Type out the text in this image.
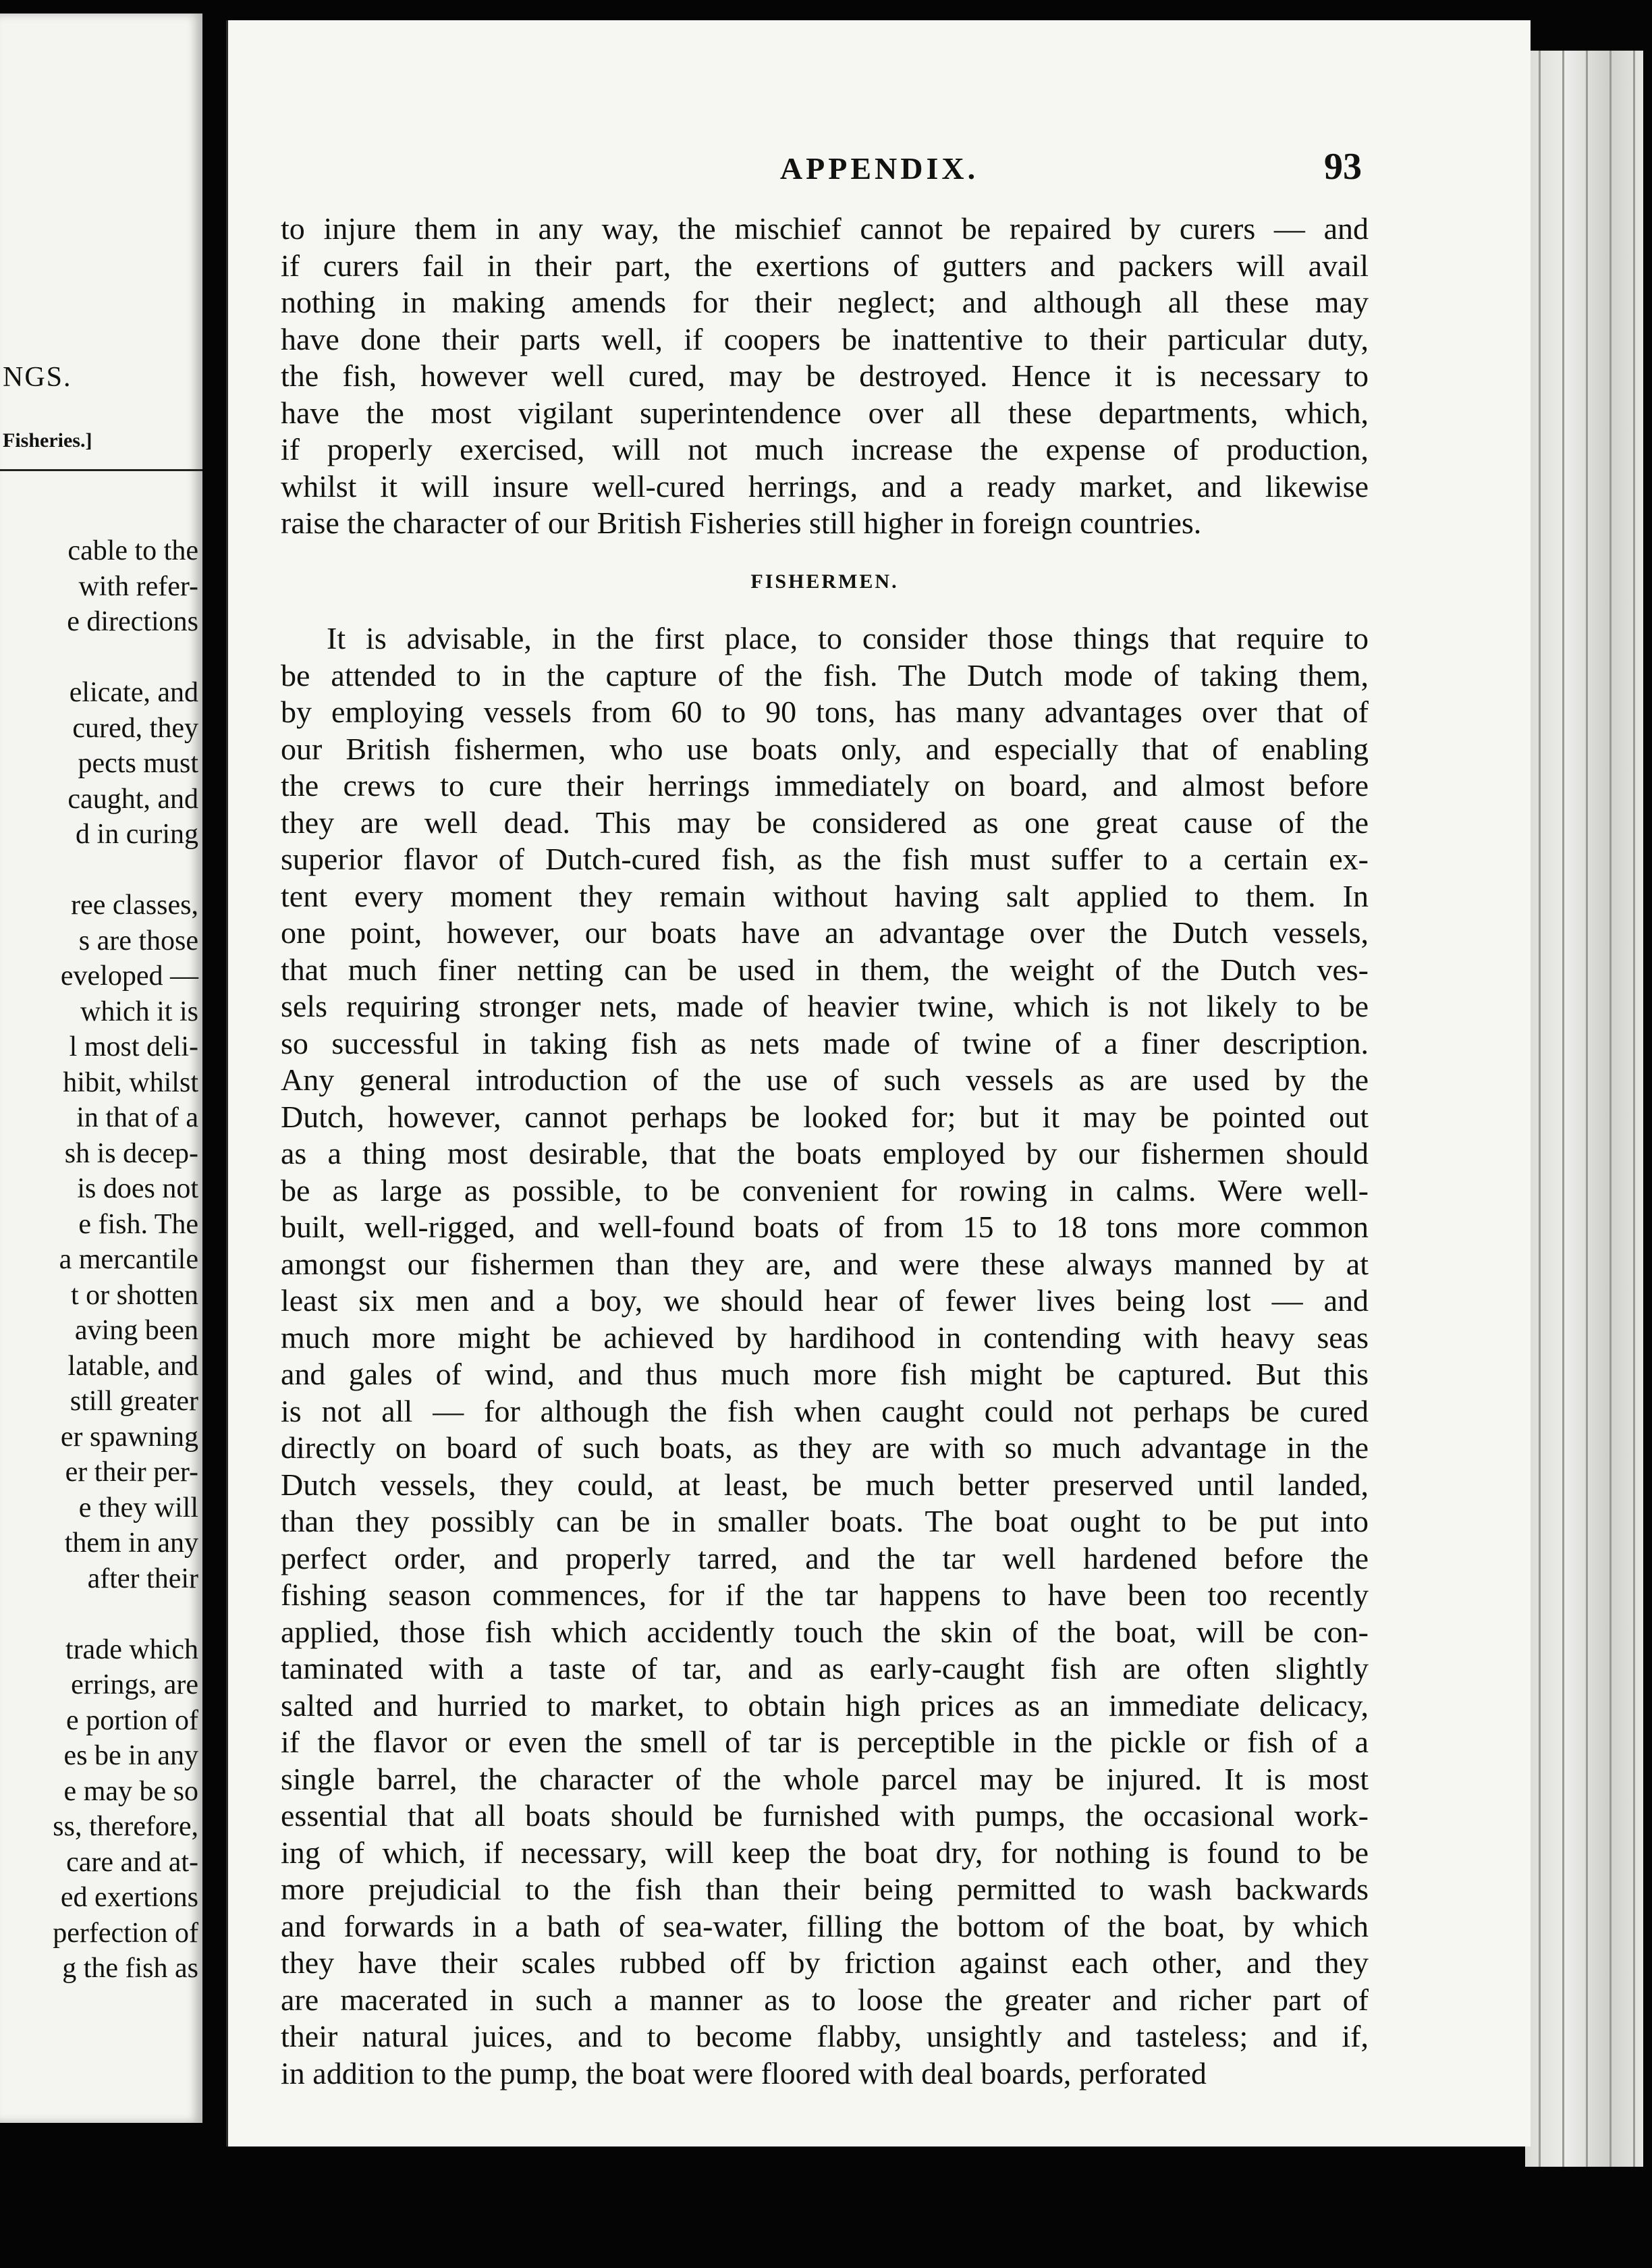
NGS.
Fisheries.]
cable to the
with refer-
e directions
elicate, and
cured, they
pects must
caught, and
d in curing
ree classes,
s are those
eveloped —
which it is
l most deli-
hibit, whilst
in that of a
sh is decep-
is does not
e fish. The
a mercantile
t or shotten
aving been
latable, and
still greater
er spawning
er their per-
e they will
them in any
after their
trade which
errings, are
e portion of
es be in any
e may be so
ss, therefore,
care and at-
ed exertions
perfection of
g the fish as
APPENDIX.	93
to injure them in any way, the mischief cannot be repaired by curers — and
if curers fail in their part, the exertions of gutters and packers will avail
nothing in making amends for their neglect; and although all these may
have done their parts well, if coopers be inattentive to their particular duty,
the fish, however well cured, may be destroyed. Hence it is necessary to
have the most vigilant superintendence over all these departments, which,
if properly exercised, will not much increase the expense of production,
whilst it will insure well-cured herrings, and a ready market, and likewise
raise the character of our British Fisheries still higher in foreign countries.
FISHERMEN.
It is advisable, in the first place, to consider those things that require to
be attended to in the capture of the fish. The Dutch mode of taking them,
by employing vessels from 60 to 90 tons, has many advantages over that of
our British fishermen, who use boats only, and especially that of enabling
the crews to cure their herrings immediately on board, and almost before
they are well dead. This may be considered as one great cause of the
superior flavor of Dutch-cured fish, as the fish must suffer to a certain ex-
tent every moment they remain without having salt applied to them. In
one point, however, our boats have an advantage over the Dutch vessels,
that much finer netting can be used in them, the weight of the Dutch ves-
sels requiring stronger nets, made of heavier twine, which is not likely to be
so successful in taking fish as nets made of twine of a finer description.
Any general introduction of the use of such vessels as are used by the
Dutch, however, cannot perhaps be looked for; but it may be pointed out
as a thing most desirable, that the boats employed by our fishermen should
be as large as possible, to be convenient for rowing in calms. Were well-
built, well-rigged, and well-found boats of from 15 to 18 tons more common
amongst our fishermen than they are, and were these always manned by at
least six men and a boy, we should hear of fewer lives being lost — and
much more might be achieved by hardihood in contending with heavy seas
and gales of wind, and thus much more fish might be captured. But this
is not all — for although the fish when caught could not perhaps be cured
directly on board of such boats, as they are with so much advantage in the
Dutch vessels, they could, at least, be much better preserved until landed,
than they possibly can be in smaller boats. The boat ought to be put into
perfect order, and properly tarred, and the tar well hardened before the
fishing season commences, for if the tar happens to have been too recently
applied, those fish which accidently touch the skin of the boat, will be con-
taminated with a taste of tar, and as early-caught fish are often slightly
salted and hurried to market, to obtain high prices as an immediate delicacy,
if the flavor or even the smell of tar is perceptible in the pickle or fish of a
single barrel, the character of the whole parcel may be injured. It is most
essential that all boats should be furnished with pumps, the occasional work-
ing of which, if necessary, will keep the boat dry, for nothing is found to be
more prejudicial to the fish than their being permitted to wash backwards
and forwards in a bath of sea-water, filling the bottom of the boat, by which
they have their scales rubbed off by friction against each other, and they
are macerated in such a manner as to loose the greater and richer part of
their natural juices, and to become flabby, unsightly and tasteless; and if,
in addition to the pump, the boat were floored with deal boards, perforated
